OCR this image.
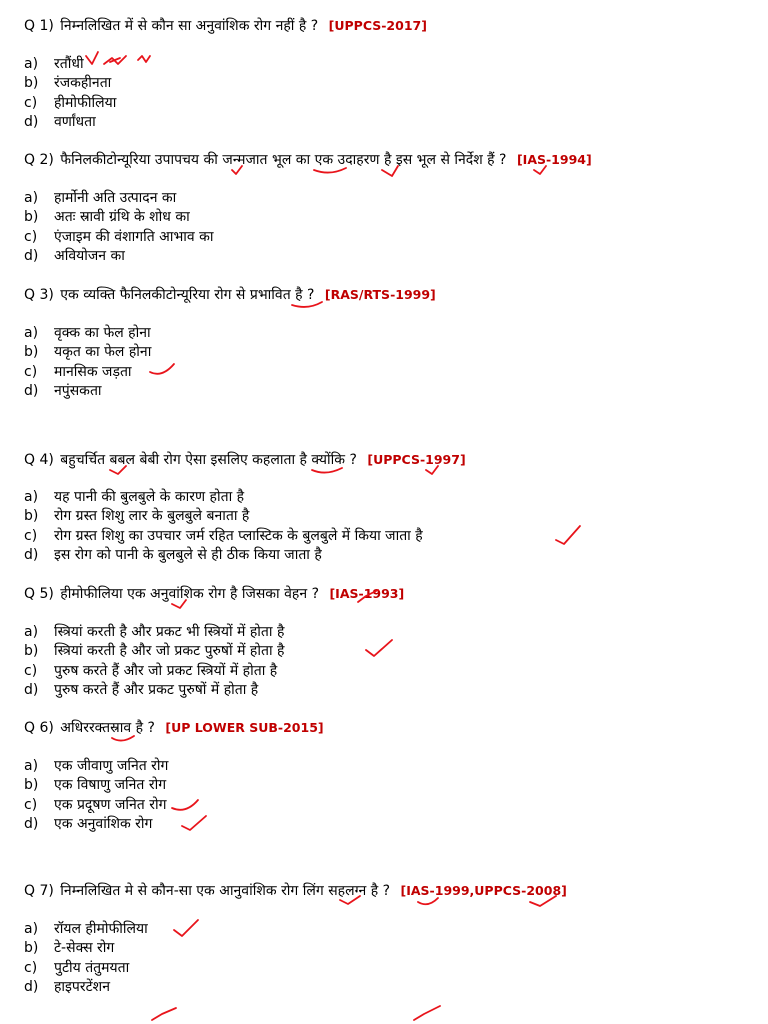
Q 1) निम्नलिखित में से कौन सा अनुवांशिक रोग नहीं है ? [UPPCS-2017]
a) रतौंधी
b) रंजकहीनता
c) हीमोफीलिया
d) वर्णांधता
Q 2) फैनिलकीटोन्यूरिया उपापचय की जन्मजात भूल का एक उदाहरण है इस भूल से निर्देश हैं ? [IAS-1994]
a) हार्मोनी अति उत्पादन का
b) अतः स्रावी ग्रंथि के शोध का
c) एंजाइम की वंशागति आभाव का
d) अवियोजन का
Q 3) एक व्यक्ति फैनिलकीटोन्यूरिया रोग से प्रभावित है ? [RAS/RTS-1999]
a) वृक्क का फेल होना
b) यकृत का फेल होना
c) मानसिक जड़ता
d) नपुंसकता
Q 4) बहुचर्चित बबल बेबी रोग ऐसा इसलिए कहलाता है क्योंकि ? [UPPCS-1997]
a) यह पानी की बुलबुले के कारण होता है
b) रोग ग्रस्त शिशु लार के बुलबुले बनाता है
c) रोग ग्रस्त शिशु का उपचार जर्म रहित प्लास्टिक के बुलबुले में किया जाता है
d) इस रोग को पानी के बुलबुले से ही ठीक किया जाता है
Q 5) हीमोफीलिया एक अनुवांशिक रोग है जिसका वेहन ? [IAS-1993]
a) स्त्रियां करती है और प्रकट भी स्त्रियों में होता है
b) स्त्रियां करती है और जो प्रकट पुरुषों में होता है
c) पुरुष करते हैं और जो प्रकट स्त्रियों में होता है
d) पुरुष करते हैं और प्रकट पुरुषों में होता है
Q 6) अधिररक्तस्राव है ? [UP LOWER SUB-2015]
a) एक जीवाणु जनित रोग
b) एक विषाणु जनित रोग
c) एक प्रदूषण जनित रोग
d) एक अनुवांशिक रोग
Q 7) निम्नलिखित मे से कौन-सा एक आनुवांशिक रोग लिंग सहलग्न है ? [IAS-1999,UPPCS-2008]
a) रॉयल हीमोफीलिया
b) टे-सेक्स रोग
c) पुटीय तंतुमयता
d) हाइपरटेंशन
